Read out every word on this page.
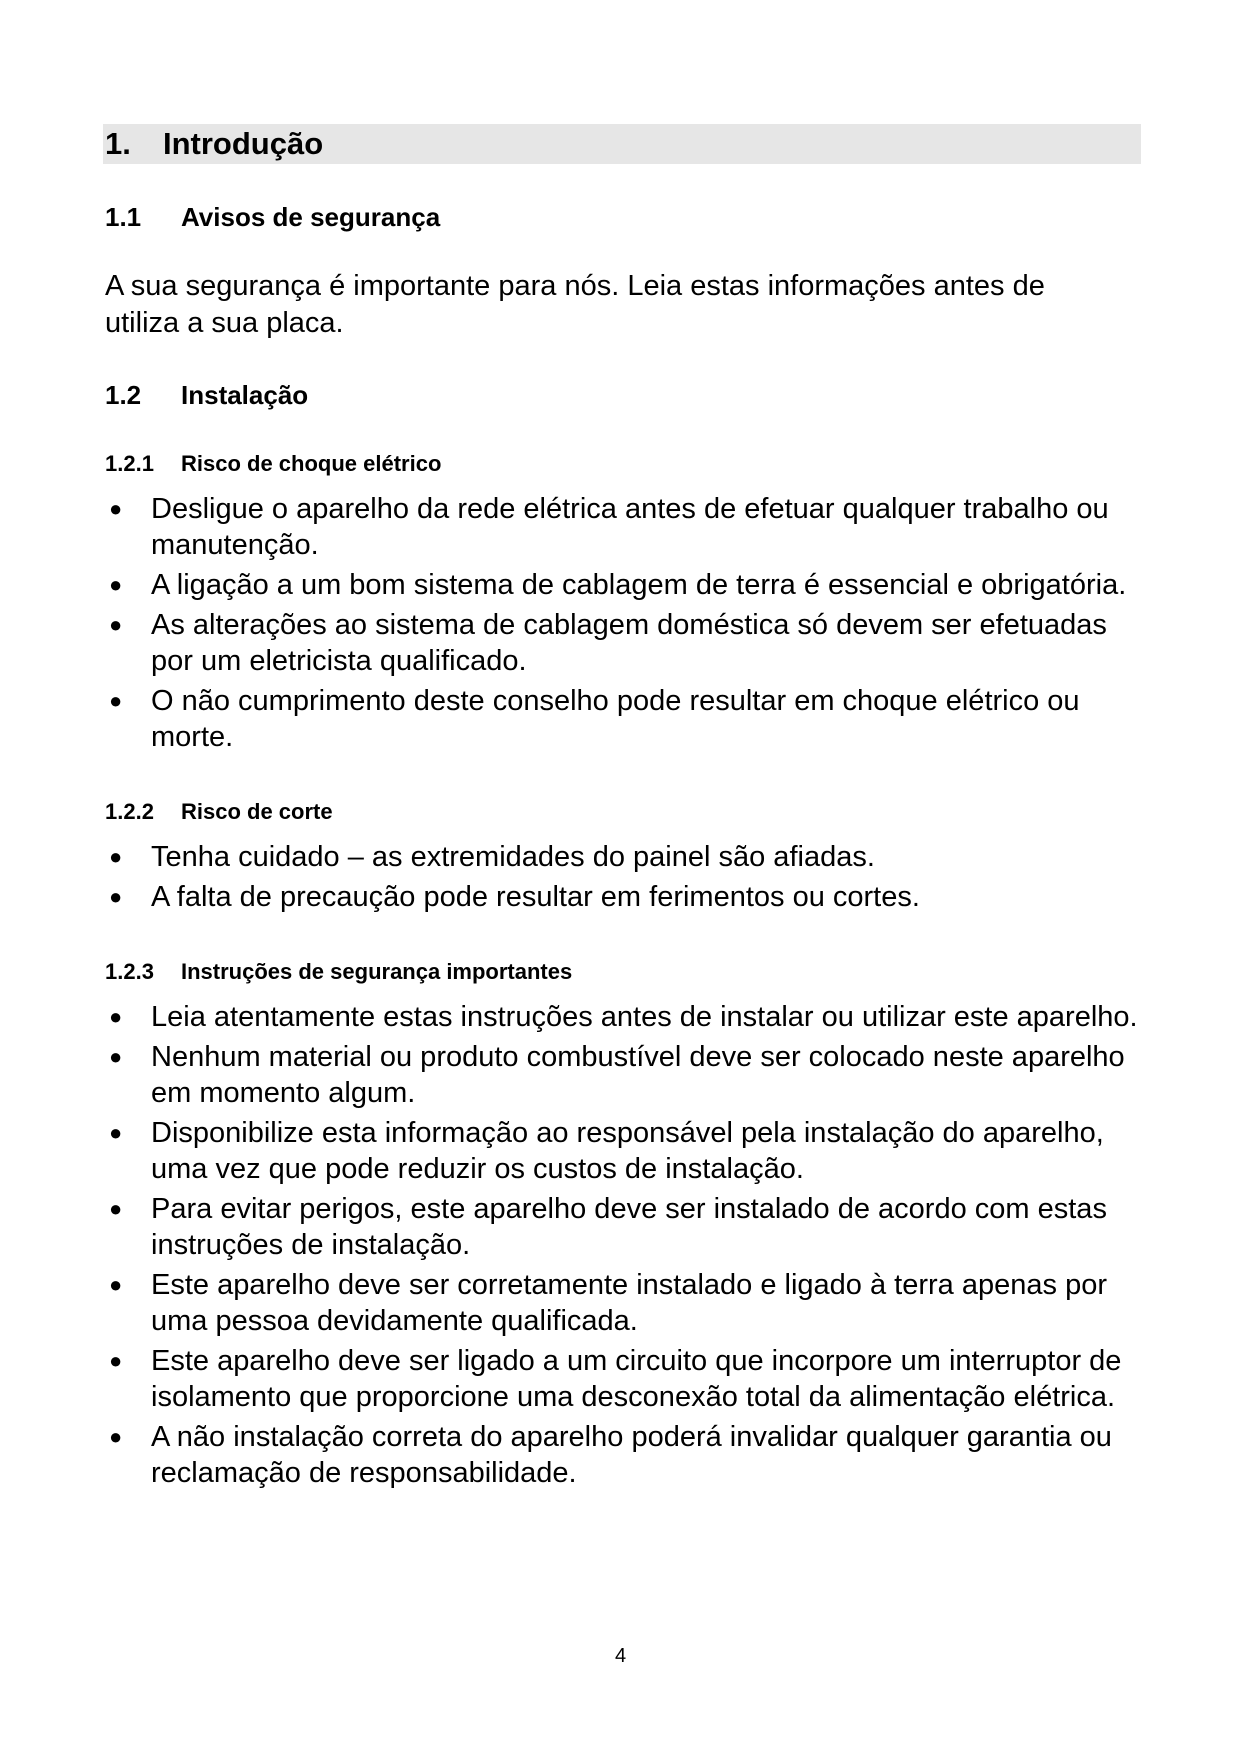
1.	Introdução
1.1	Avisos de segurança
A sua segurança é importante para nós. Leia estas informações antes de utiliza a sua placa.
1.2	Instalação
1.2.1	Risco de choque elétrico
● Desligue o aparelho da rede elétrica antes de efetuar qualquer trabalho ou manutenção.
● A ligação a um bom sistema de cablagem de terra é essencial e obrigatória.
● As alterações ao sistema de cablagem doméstica só devem ser efetuadas por um eletricista qualificado.
● O não cumprimento deste conselho pode resultar em choque elétrico ou morte.
1.2.2	Risco de corte
● Tenha cuidado – as extremidades do painel são afiadas.
● A falta de precaução pode resultar em ferimentos ou cortes.
1.2.3	Instruções de segurança importantes
● Leia atentamente estas instruções antes de instalar ou utilizar este aparelho.
● Nenhum material ou produto combustível deve ser colocado neste aparelho em momento algum.
● Disponibilize esta informação ao responsável pela instalação do aparelho, uma vez que pode reduzir os custos de instalação.
● Para evitar perigos, este aparelho deve ser instalado de acordo com estas instruções de instalação.
● Este aparelho deve ser corretamente instalado e ligado à terra apenas por uma pessoa devidamente qualificada.
● Este aparelho deve ser ligado a um circuito que incorpore um interruptor de isolamento que proporcione uma desconexão total da alimentação elétrica.
● A não instalação correta do aparelho poderá invalidar qualquer garantia ou reclamação de responsabilidade.
4
